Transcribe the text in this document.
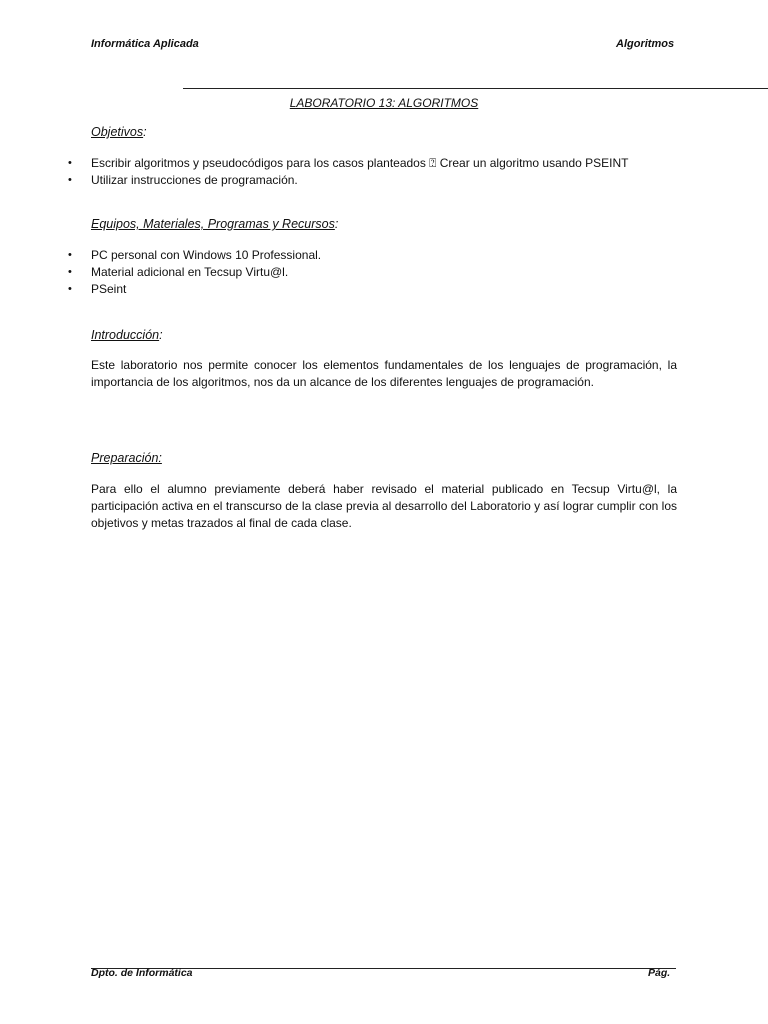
Informática Aplicada	Algoritmos
LABORATORIO 13: ALGORITMOS
Objetivos:
• Escribir algoritmos y pseudocódigos para los casos planteados ⍰ Crear un algoritmo usando PSEINT
• Utilizar instrucciones de programación.
Equipos, Materiales, Programas y Recursos:
• PC personal con Windows 10 Professional.
• Material adicional en Tecsup Virtu@l.
• PSeint
Introducción:
Este laboratorio nos permite conocer los elementos fundamentales de los lenguajes de programación, la importancia de los algoritmos, nos da un alcance de los diferentes lenguajes de programación.
Preparación:
Para ello el alumno previamente deberá haber revisado el material publicado en Tecsup Virtu@l, la participación activa en el transcurso de la clase previa al desarrollo del Laboratorio y así lograr cumplir con los objetivos y metas trazados al final de cada clase.
Dpto. de Informática	Pág.
